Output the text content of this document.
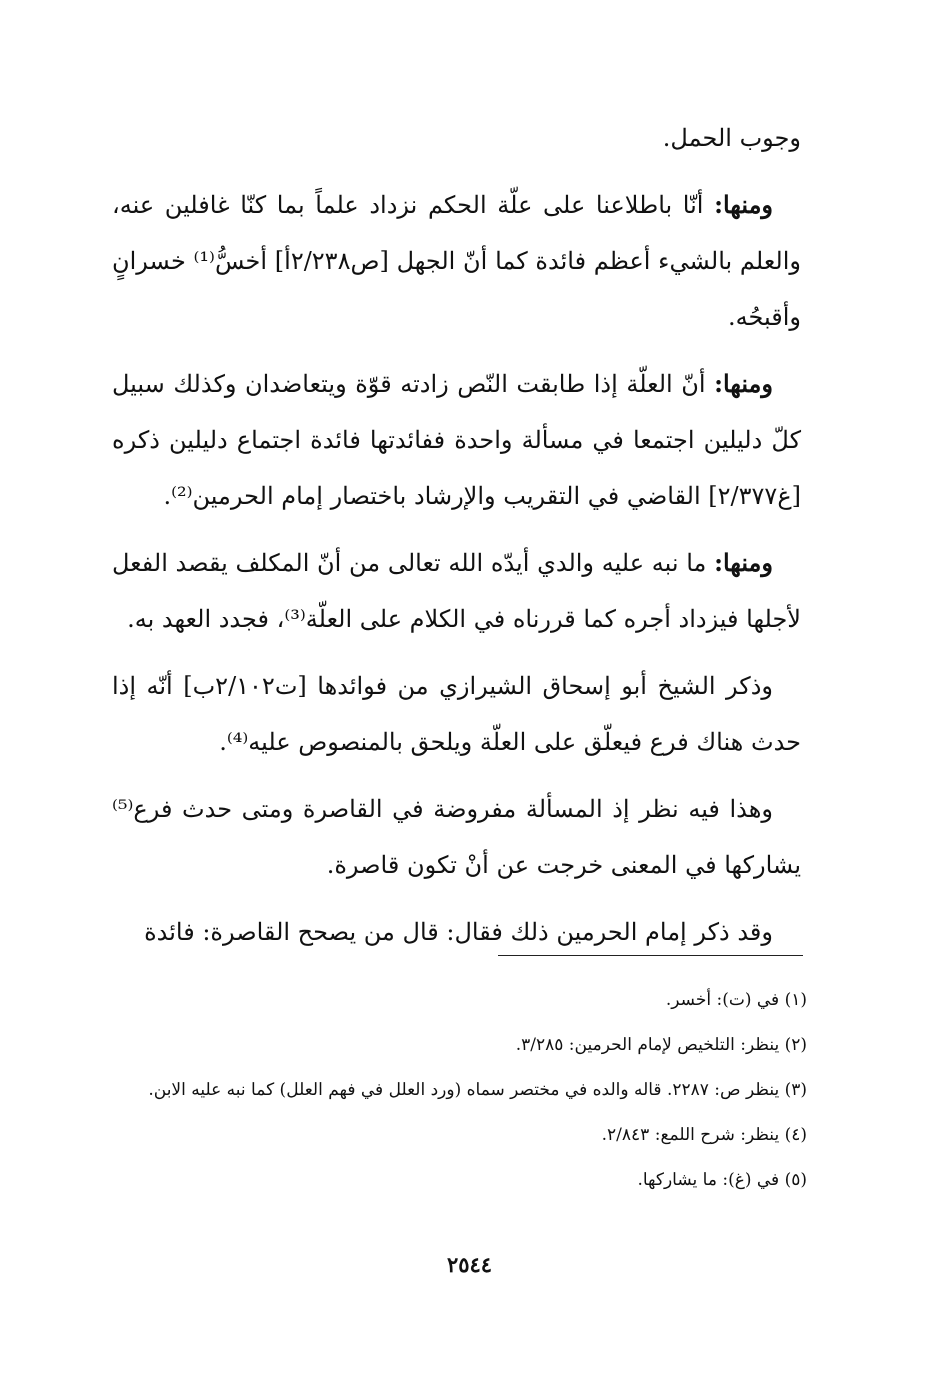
وجوب الحمل.

ومنها: أنّا باطلاعنا على علّة الحكم نزداد علماً بما كنّا غافلين عنه، والعلم بالشيء أعظم فائدة كما أنّ الجهل [ص٢/٢٣٨أ] أخسُّ⁽¹⁾ خسرانٍ وأقبحُه.

ومنها: أنّ العلّة إذا طابقت النّص زادته قوّة ويتعاضدان وكذلك سبيل كلّ دليلين اجتمعا في مسألة واحدة ففائدتها فائدة اجتماع دليلين ذكره [غ٢/٣٧٧] القاضي في التقريب والإرشاد باختصار إمام الحرمين⁽²⁾.

ومنها: ما نبه عليه والدي أيدّه الله تعالى من أنّ المكلف يقصد الفعل لأجلها فيزداد أجره كما قررناه في الكلام على العلّة⁽³⁾، فجدد العهد به.

وذكر الشيخ أبو إسحاق الشيرازي من فوائدها [ت٢/١٠٢ب] أنّه إذا حدث هناك فرع فيعلّق على العلّة ويلحق بالمنصوص عليه⁽⁴⁾.

وهذا فيه نظر إذ المسألة مفروضة في القاصرة ومتى حدث فرع⁽⁵⁾ يشاركها في المعنى خرجت عن أنْ تكون قاصرة.

وقد ذكر إمام الحرمين ذلك فقال: قال من يصحح القاصرة: فائدة

(١) في (ت): أخسر.

(٢) ينظر: التلخيص لإمام الحرمين: ٣/٢٨٥.

(٣) ينظر ص: ٢٢٨٧. قاله والده في مختصر سماه (ورد العلل في فهم العلل) كما نبه عليه الابن.

(٤) ينظر: شرح اللمع: ٢/٨٤٣.

(٥) في (غ): ما يشاركها.

٢٥٤٤
